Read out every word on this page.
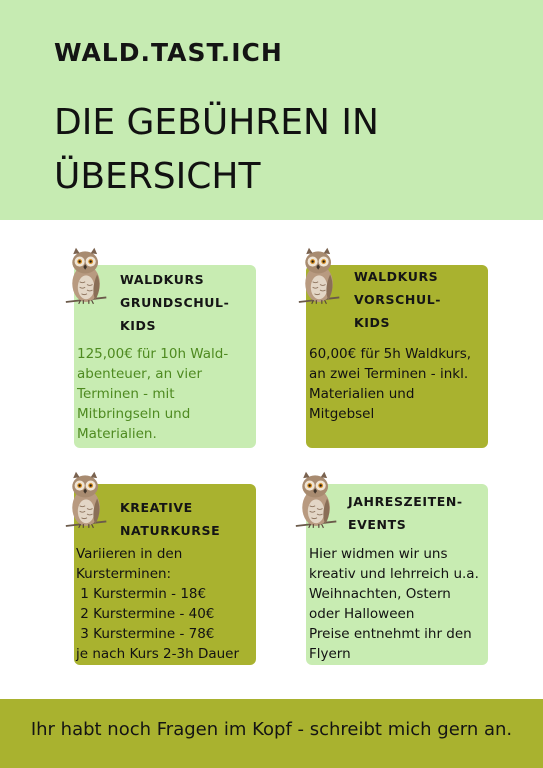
WALD.TAST.ICH
DIE GEBÜHREN IN
ÜBERSICHT
WALDKURS
GRUNDSCHUL-
KIDS
125,00€ für 10h Wald-
abenteuer, an vier
Terminen - mit
Mitbringseln und
Materialien.
WALDKURS
VORSCHUL-
KIDS
60,00€ für 5h Waldkurs,
an zwei Terminen - inkl.
Materialien und
Mitgebsel
KREATIVE
NATURKURSE
Variieren in den
Kursterminen:
1 Kurstermin - 18€
2 Kurstermine - 40€
3 Kurstermine - 78€
je nach Kurs 2-3h Dauer
JAHRESZEITEN-
EVENTS
Hier widmen wir uns
kreativ und lehrreich u.a.
Weihnachten, Ostern
oder Halloween
Preise entnehmt ihr den
Flyern
Ihr habt noch Fragen im Kopf - schreibt mich gern an.
